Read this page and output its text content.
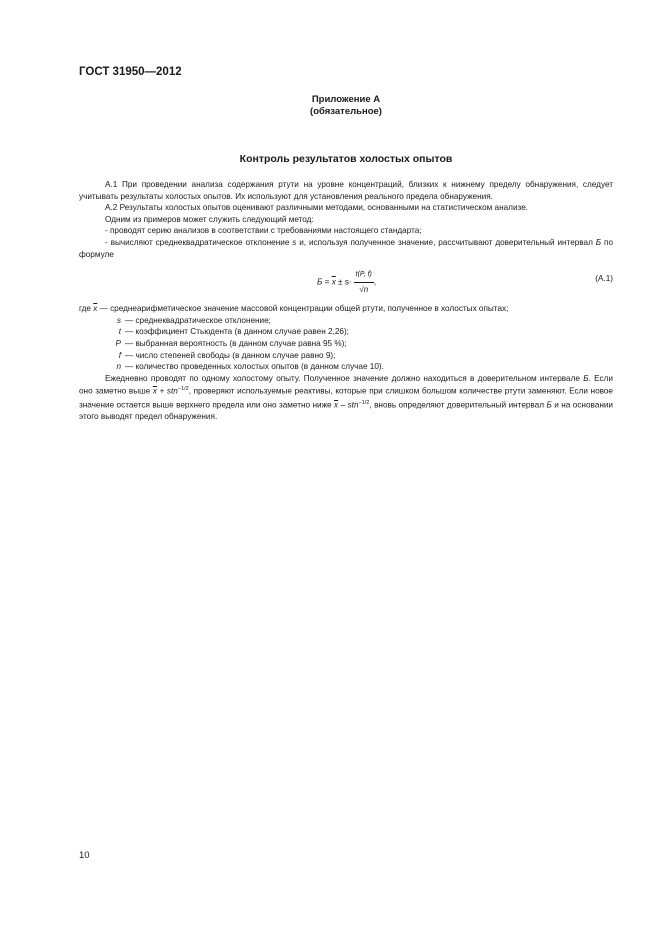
ГОСТ 31950—2012
Приложение А
(обязательное)
Контроль результатов холостых опытов

А.1 При проведении анализа содержания ртути на уровне концентраций, близких к нижнему пределу обнаружения, следует учитывать результаты холостых опытов. Их используют для установления реального предела обнаружения.

А.2 Результаты холостых опытов оценивают различными методами, основанными на статистическом анализе.

Одним из примеров может служить следующий метод:

- проводят серию анализов в соответствии с требованиями настоящего стандарта;

- вычисляют среднеквадратическое отклонение s и, используя полученное значение, рассчитывают доверительный интервал Б по формуле

$Б = \overline{x} \pm s\cdot \frac{t(P, f)}{√n}$ ,	(А.1)

где
$\overline{x}$
— среднеарифметическое значение массовой концентрации общей ртути, полученное в холостых опытах;

s — среднеквадратическое отклонение;

t — коэффициент Стьюдента (в данном случае равен 2,26);

P — выбранная вероятность (в данном случае равна 95 %);

f — число степеней свободы (в данном случае равно 9);

n — количество проведенных холостых опытов (в данном случае 10).

Ежедневно проводят по одному холостому опыту. Полученное значение должно находиться в доверительном интервале Б. Если оно заметно выше $\overline{x} + stn^{-1/2}$, проверяют используемые реактивы, которые при слишком большом количестве ртути заменяют. Если новое значение остается выше верхнего предела или оно заметно ниже $\overline{x} - stn^{-1/2}$, вновь определяют доверительный интервал Б и на основании этого выводят предел обнаружения.

10
